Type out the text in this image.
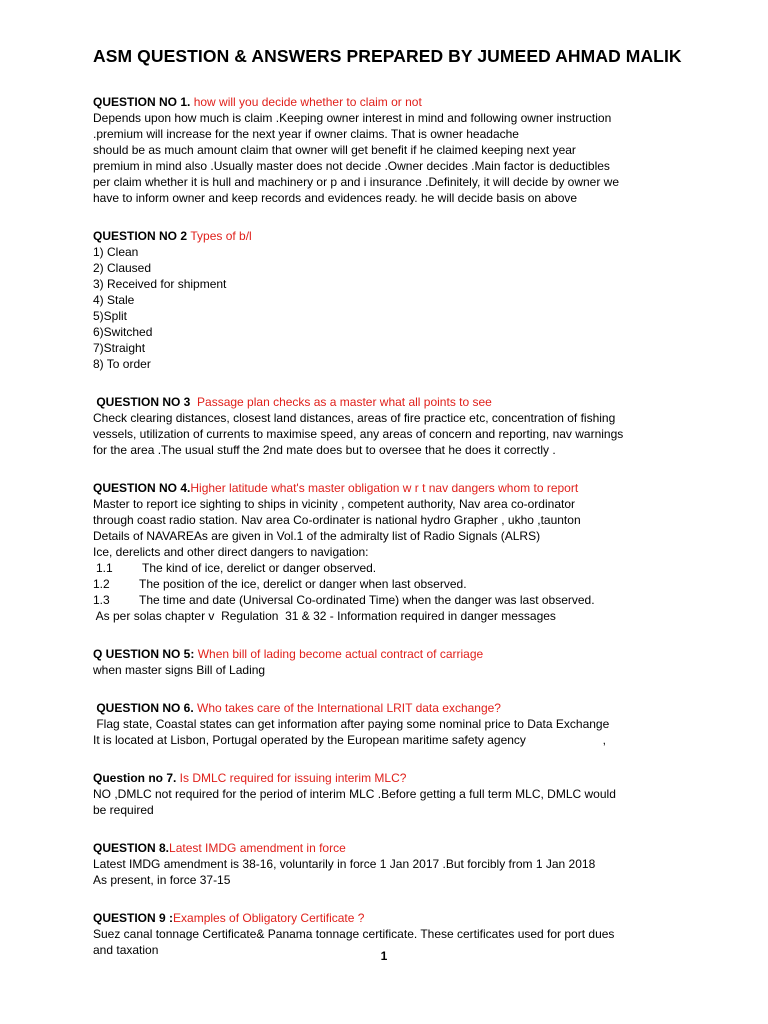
ASM QUESTION & ANSWERS PREPARED BY JUMEED AHMAD MALIK
QUESTION NO 1. how will you decide whether to claim or not

Depends upon how much is claim .Keeping owner interest in mind and following owner instruction

.premium will increase for the next year if owner claims. That is owner headache

should be as much amount claim that owner will get benefit if he claimed keeping next year

premium in mind also .Usually master does not decide .Owner decides .Main factor is deductibles

per claim whether it is hull and machinery or p and i insurance .Definitely, it will decide by owner we

have to inform owner and keep records and evidences ready. he will decide basis on above

QUESTION NO 2 Types of b/l

1) Clean

2) Claused

3) Received for shipment

4) Stale

5)Split

6)Switched

7)Straight

8) To order

QUESTION NO 3  Passage plan checks as a master what all points to see

Check clearing distances, closest land distances, areas of fire practice etc, concentration of fishing

vessels, utilization of currents to maximise speed, any areas of concern and reporting, nav warnings

for the area .The usual stuff the 2nd mate does but to oversee that he does it correctly .

QUESTION NO 4.Higher latitude what's master obligation w r t nav dangers whom to report

Master to report ice sighting to ships in vicinity , competent authority, Nav area co-ordinator

through coast radio station. Nav area Co-ordinater is national hydro Grapher , ukho ,taunton

Details of NAVAREAs are given in Vol.1 of the admiralty list of Radio Signals (ALRS)

Ice, derelicts and other direct dangers to navigation:

1.1	The kind of ice, derelict or danger observed.
1.2	The position of the ice, derelict or danger when last observed.
1.3	The time and date (Universal Co-ordinated Time) when the danger was last observed.

As per solas chapter v  Regulation  31 & 32 - Information required in danger messages

Q UESTION NO 5: When bill of lading become actual contract of carriage

when master signs Bill of Lading

QUESTION NO 6. Who takes care of the International LRIT data exchange?

Flag state, Coastal states can get information after paying some nominal price to Data Exchange

It is located at Lisbon, Portugal operated by the European maritime safety agency                       ,

Question no 7. Is DMLC required for issuing interim MLC?

NO ,DMLC not required for the period of interim MLC .Before getting a full term MLC, DMLC would

be required

QUESTION 8.Latest IMDG amendment in force

Latest IMDG amendment is 38-16, voluntarily in force 1 Jan 2017 .But forcibly from 1 Jan 2018

As present, in force 37-15

QUESTION 9 :Examples of Obligatory Certificate ?

Suez canal tonnage Certificate& Panama tonnage certificate. These certificates used for port dues

and taxation	1
